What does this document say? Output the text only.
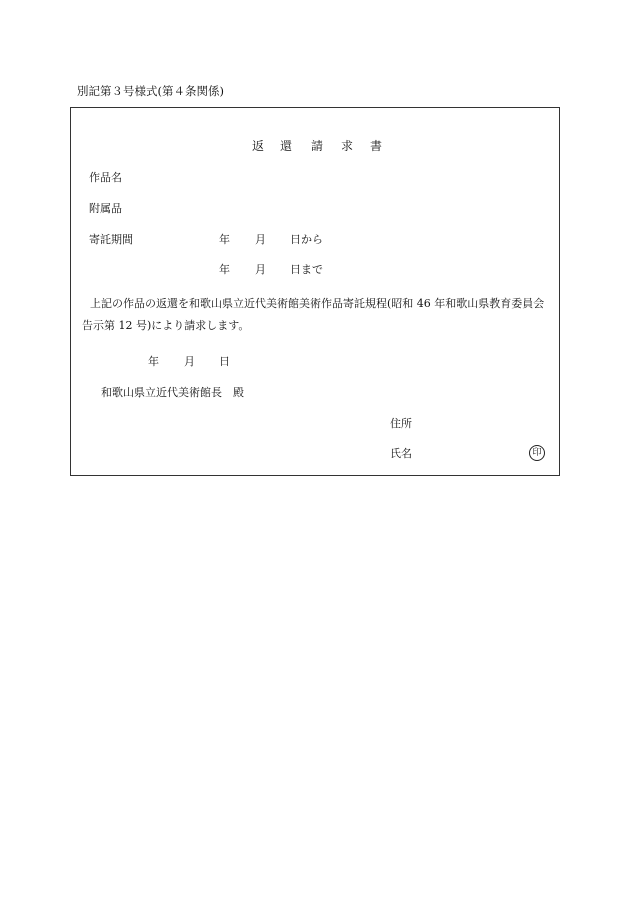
別記第３号様式(第４条関係)
返 還 請 求 書
作品名
附属品
寄託期間	年 月 日から
年 月 日まで
上記の作品の返還を和歌山県立近代美術館美術作品寄託規程(昭和 46 年和歌山県教育委員会告示第 12 号)により請求します。
年 月 日
和歌山県立近代美術館長　殿
住所
氏名	印
